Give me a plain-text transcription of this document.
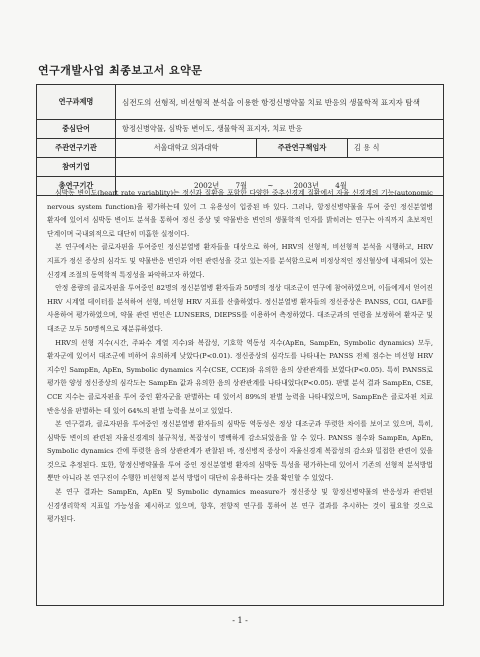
연구개발사업 최종보고서 요약문
연구과제명	심전도의 선형적, 비선형적 분석을 이용한 항정신병약물 치료 반응의 생물학적 표지자 탐색		
중심단어	항정신병약물, 심박동 변이도, 생물학적 표지자, 치료 반응		
주관연구기관	서울대학교 의과대학	주관연구책임자	김 용 식
참여기업			
총연구기간	2002년 7월 ~ 2003년 4월		

심박동 변이도(heart rate variablity)는 정신과 질환을 포함한 다양한 중추신경계 질환에서 자율 신경계의 기능(autonomic nervous system function)을 평가하는데 있어 그 유용성이 입증된 바 있다. 그러나, 항정신병약물을 투여 중인 정신분열병 환자에 있어서 심박동 변이도 분석을 통하여 정신 증상 및 약물반응 변인의 생물학적 인자를 밝히려는 연구는 아직까지 초보적인 단계이며 국내외적으로 대단히 미흡한 실정이다.

본 연구에서는 클로자핀을 투여중인 정신분열병 환자들을 대상으로 하여, HRV의 선형적, 비선형적 분석을 시행하고, HRV 지표가 정신 증상의 심각도 및 약물반응 변인과 어떤 관련성을 갖고 있는지를 분석함으로써 비정상적인 정신혈상에 내재되어 있는 신경계 조절의 동역학적 특징성을 파악하고자 하였다.

안정 용량의 클로자핀을 투여중인 82명의 정신분열병 환자들과 50명의 정상 대조군이 연구에 참여하였으며, 이들에게서 얻어진 HRV 시계열 데이터를 분석하여 선형, 비선형 HRV 지표를 산출하였다. 정신분열병 환자들의 정신증상은 PANSS, CGI, GAF를 사용하여 평가하였으며, 약물 관련 변인은 LUNSERS, DIEPSS를 이용하여 측정하였다. 대조군과의 연령을 보정하여 환자군 및 대조군 모두 50명씩으로 재분류하였다.

HRV의 선형 지수(시간, 주파수 계열 지수)와 복잡성, 기호학 역동성 지수(ApEn, SampEn, Symbolic dynamics) 모두, 환자군에 있어서 대조군에 비하여 유의하게 낮았다(P<0.01). 정신증상의 심각도를 나타내는 PANSS 전체 점수는 비선형 HRV 지수인 SampEn, ApEn, Symbolic dynamics 지수(CSE, CCE)와 유의한 음의 상관관계를 보였다(P<0.05). 특히 PANSS로 평가한 양성 정신증상의 심각도는 SampEn 값과 유의한 음의 상관관계를 나타내었다(P<0.05). 판별 분석 결과 SampEn, CSE, CCE 지수는 클로자핀을 투여 중인 환자군을 판별하는 데 있어서 89%의 판별 능력을 나타내었으며, SampEn은 클로자핀 치료 반응성을 판별하는 데 있어 64%의 판별 능력을 보이고 있었다.

본 연구결과, 클로자핀을 투여중인 정신분열병 환자들의 심박동 역동성은 정상 대조군과 뚜렷한 차이를 보이고 있으며, 특히, 심박동 변이의 관련된 자율신경계의 불규칙성, 복잡성이 명백하게 감소되었음을 알 수 있다. PANSS 점수와 SampEn, ApEn, Symbolic dynamics 간에 뚜렷한 음의 상관관계가 관찰된 바, 정신병적 증상이 자율신경계 복잡성의 감소와 밀접한 관련이 있을 것으로 추정된다. 또한, 항정신병약물을 투여 중인 정신분열병 환자의 심박동 특성을 평가하는데 있어서 기존의 선형적 분석방법 뿐만 아니라 본 연구진이 수행한 비선형적 분석 방법이 대단히 유용하다는 것을 확인할 수 있었다.

본 연구 결과는 SampEn, ApEn 및 Symbolic dynamics measure가 정신증상 및 항정신병약물의 반응성과 관련된 신경생리학적 지표일 가능성을 제시하고 있으며, 향후, 전향적 연구를 통하여 본 연구 결과를 추시하는 것이 필요할 것으로 평가된다.

- 1 -
